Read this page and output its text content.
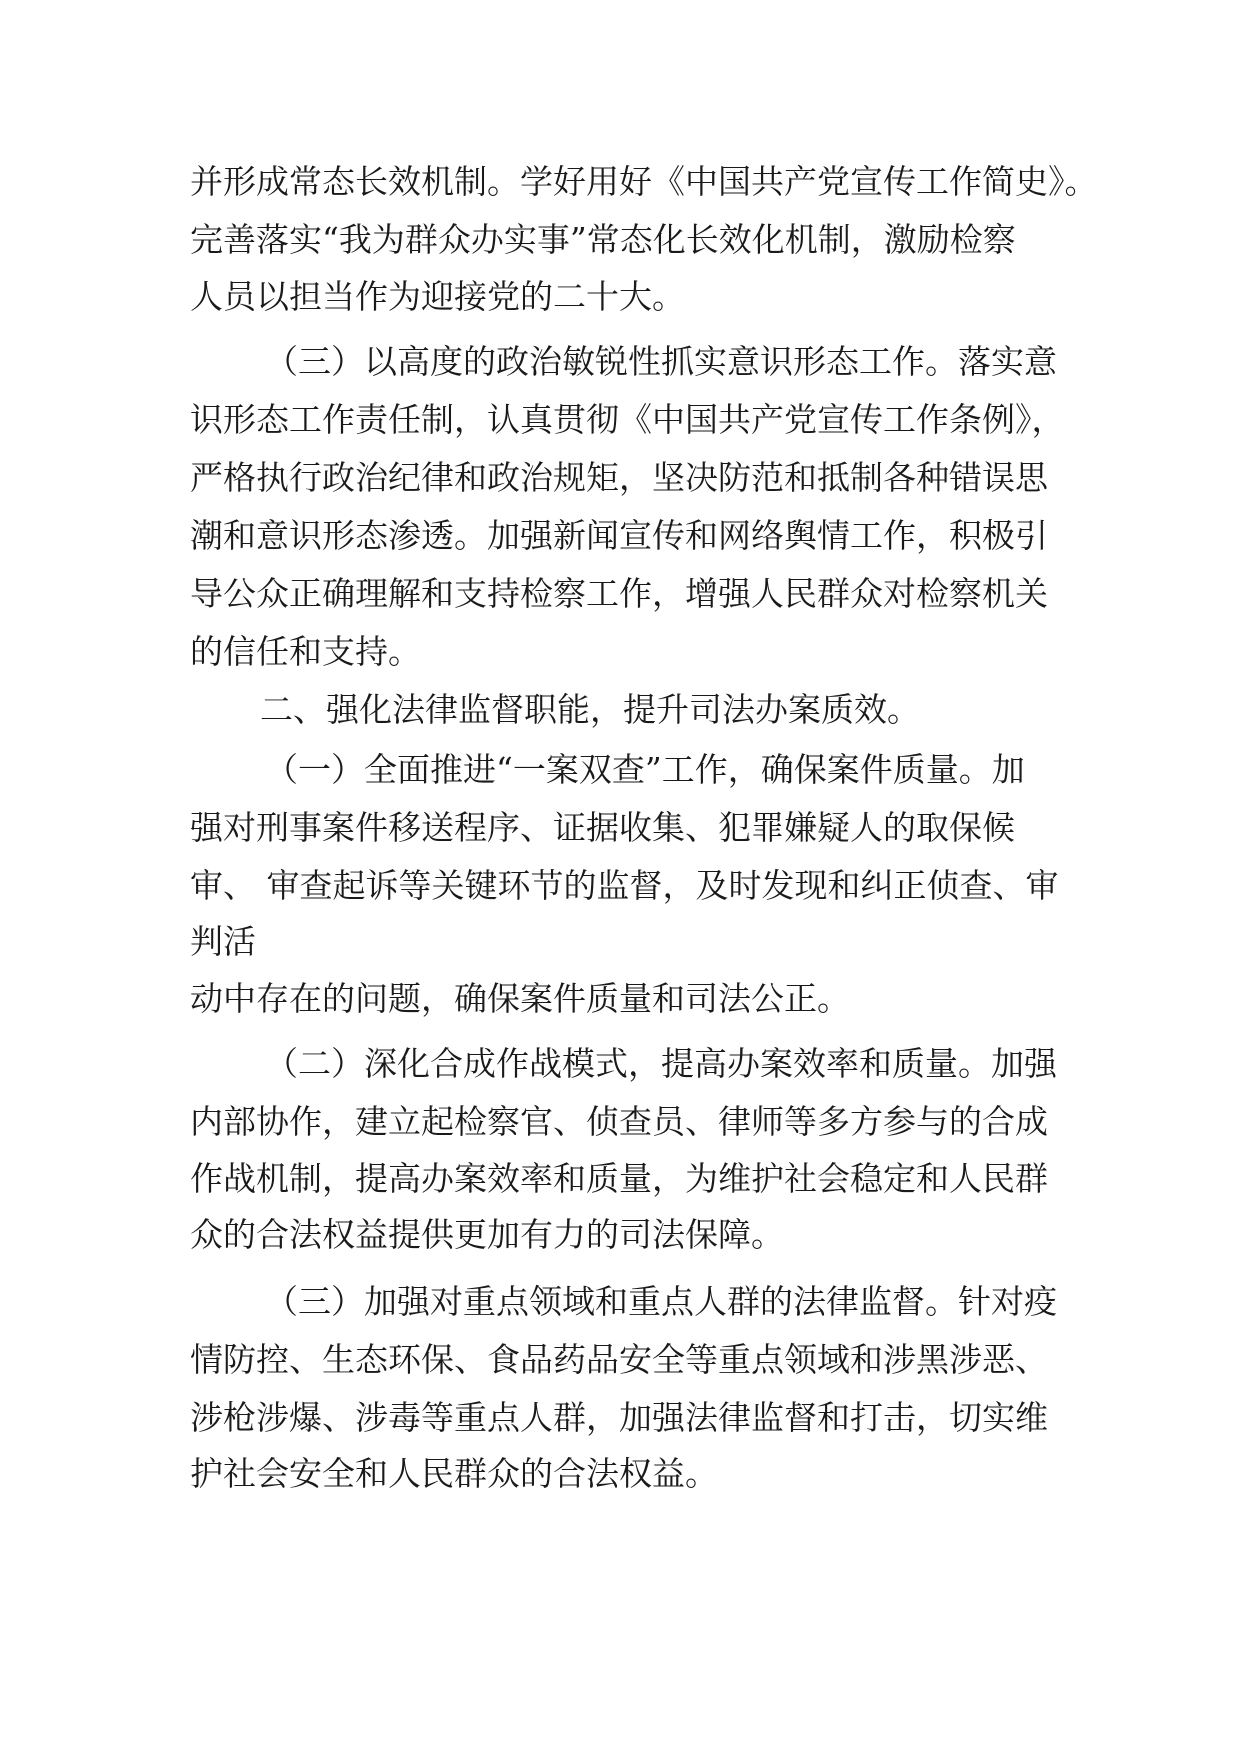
并形成常态长效机制。学好用好《中国共产党宣传工作简史》。
完善落实“我为群众办实事”常态化长效化机制，激励检察
人员以担当作为迎接党的二十大。
（三）以高度的政治敏锐性抓实意识形态工作。落实意
识形态工作责任制，认真贯彻《中国共产党宣传工作条例》，
严格执行政治纪律和政治规矩，坚决防范和抵制各种错误思
潮和意识形态渗透。加强新闻宣传和网络舆情工作，积极引
导公众正确理解和支持检察工作，增强人民群众对检察机关
的信任和支持。
二、强化法律监督职能，提升司法办案质效。
（一）全面推进“一案双查”工作，确保案件质量。加
强对刑事案件移送程序、证据收集、犯罪嫌疑人的取保候
审、 审查起诉等关键环节的监督，及时发现和纠正侦查、审
判活
动中存在的问题，确保案件质量和司法公正。
（二）深化合成作战模式，提高办案效率和质量。加强
内部协作，建立起检察官、侦查员、律师等多方参与的合成
作战机制，提高办案效率和质量，为维护社会稳定和人民群
众的合法权益提供更加有力的司法保障。
（三）加强对重点领域和重点人群的法律监督。针对疫
情防控、生态环保、食品药品安全等重点领域和涉黑涉恶、
涉枪涉爆、涉毒等重点人群，加强法律监督和打击，切实维
护社会安全和人民群众的合法权益。
